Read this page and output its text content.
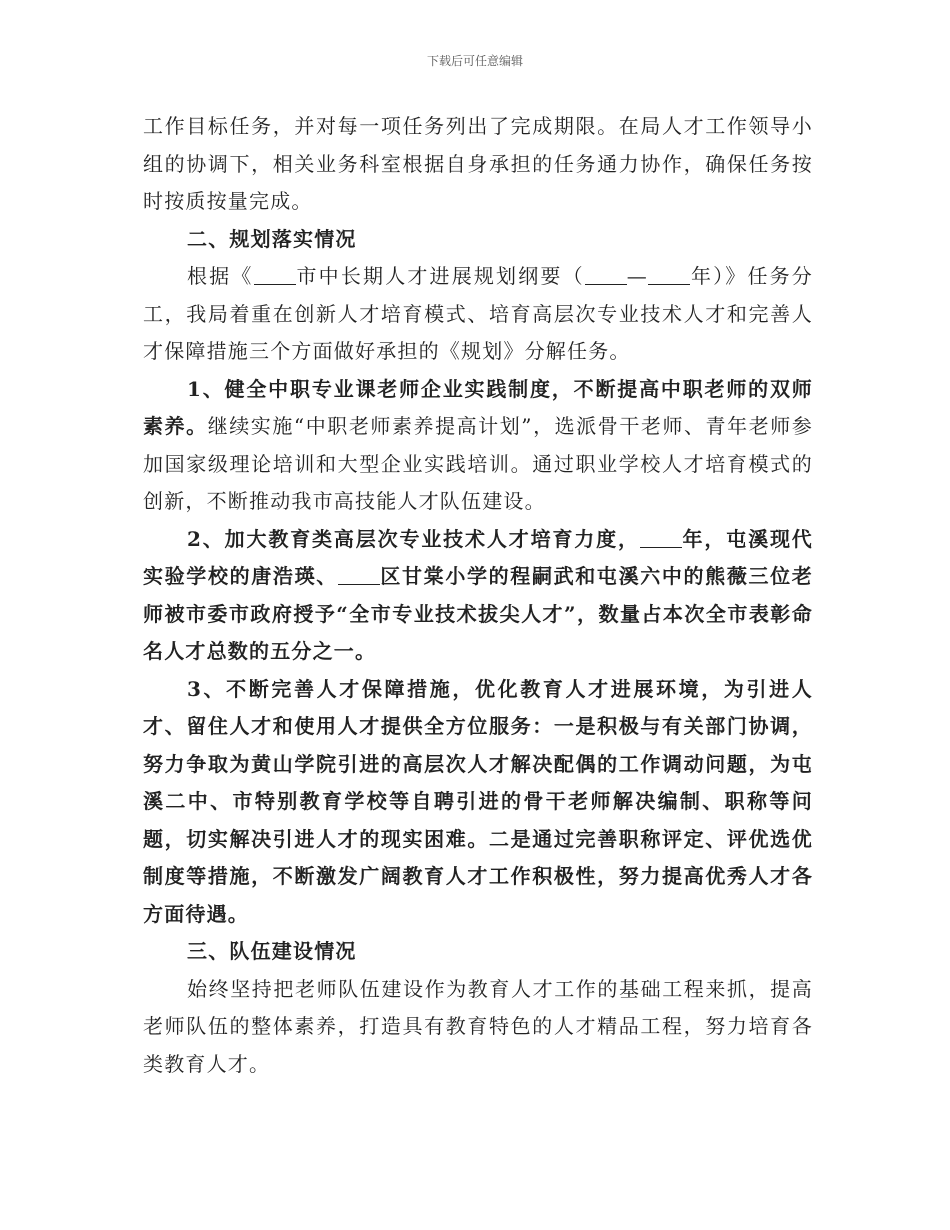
下载后可任意编辑

工作目标任务，并对每一项任务列出了完成期限。在局人才工作领导小组的协调下，相关业务科室根据自身承担的任务通力协作，确保任务按时按质按量完成。

二、规划落实情况

根据《 市中长期人才进展规划纲要（ — 年）》任务分工，我局着重在创新人才培育模式、培育高层次专业技术人才和完善人才保障措施三个方面做好承担的《规划》分解任务。

1、健全中职专业课老师企业实践制度，不断提高中职老师的双师素养。继续实施“中职老师素养提高计划”，选派骨干老师、青年老师参加国家级理论培训和大型企业实践培训。通过职业学校人才培育模式的创新，不断推动我市高技能人才队伍建设。

2、加大教育类高层次专业技术人才培育力度， 年，屯溪现代实验学校的唐浩瑛、 区甘棠小学的程嗣武和屯溪六中的熊薇三位老师被市委市政府授予“全市专业技术拔尖人才”，数量占本次全市表彰命名人才总数的五分之一。

3、不断完善人才保障措施，优化教育人才进展环境，为引进人才、留住人才和使用人才提供全方位服务：一是积极与有关部门协调，努力争取为黄山学院引进的高层次人才解决配偶的工作调动问题，为屯溪二中、市特别教育学校等自聘引进的骨干老师解决编制、职称等问题，切实解决引进人才的现实困难。二是通过完善职称评定、评优选优制度等措施，不断激发广阔教育人才工作积极性，努力提高优秀人才各方面待遇。

三、队伍建设情况

始终坚持把老师队伍建设作为教育人才工作的基础工程来抓，提高老师队伍的整体素养，打造具有教育特色的人才精品工程，努力培育各类教育人才。
